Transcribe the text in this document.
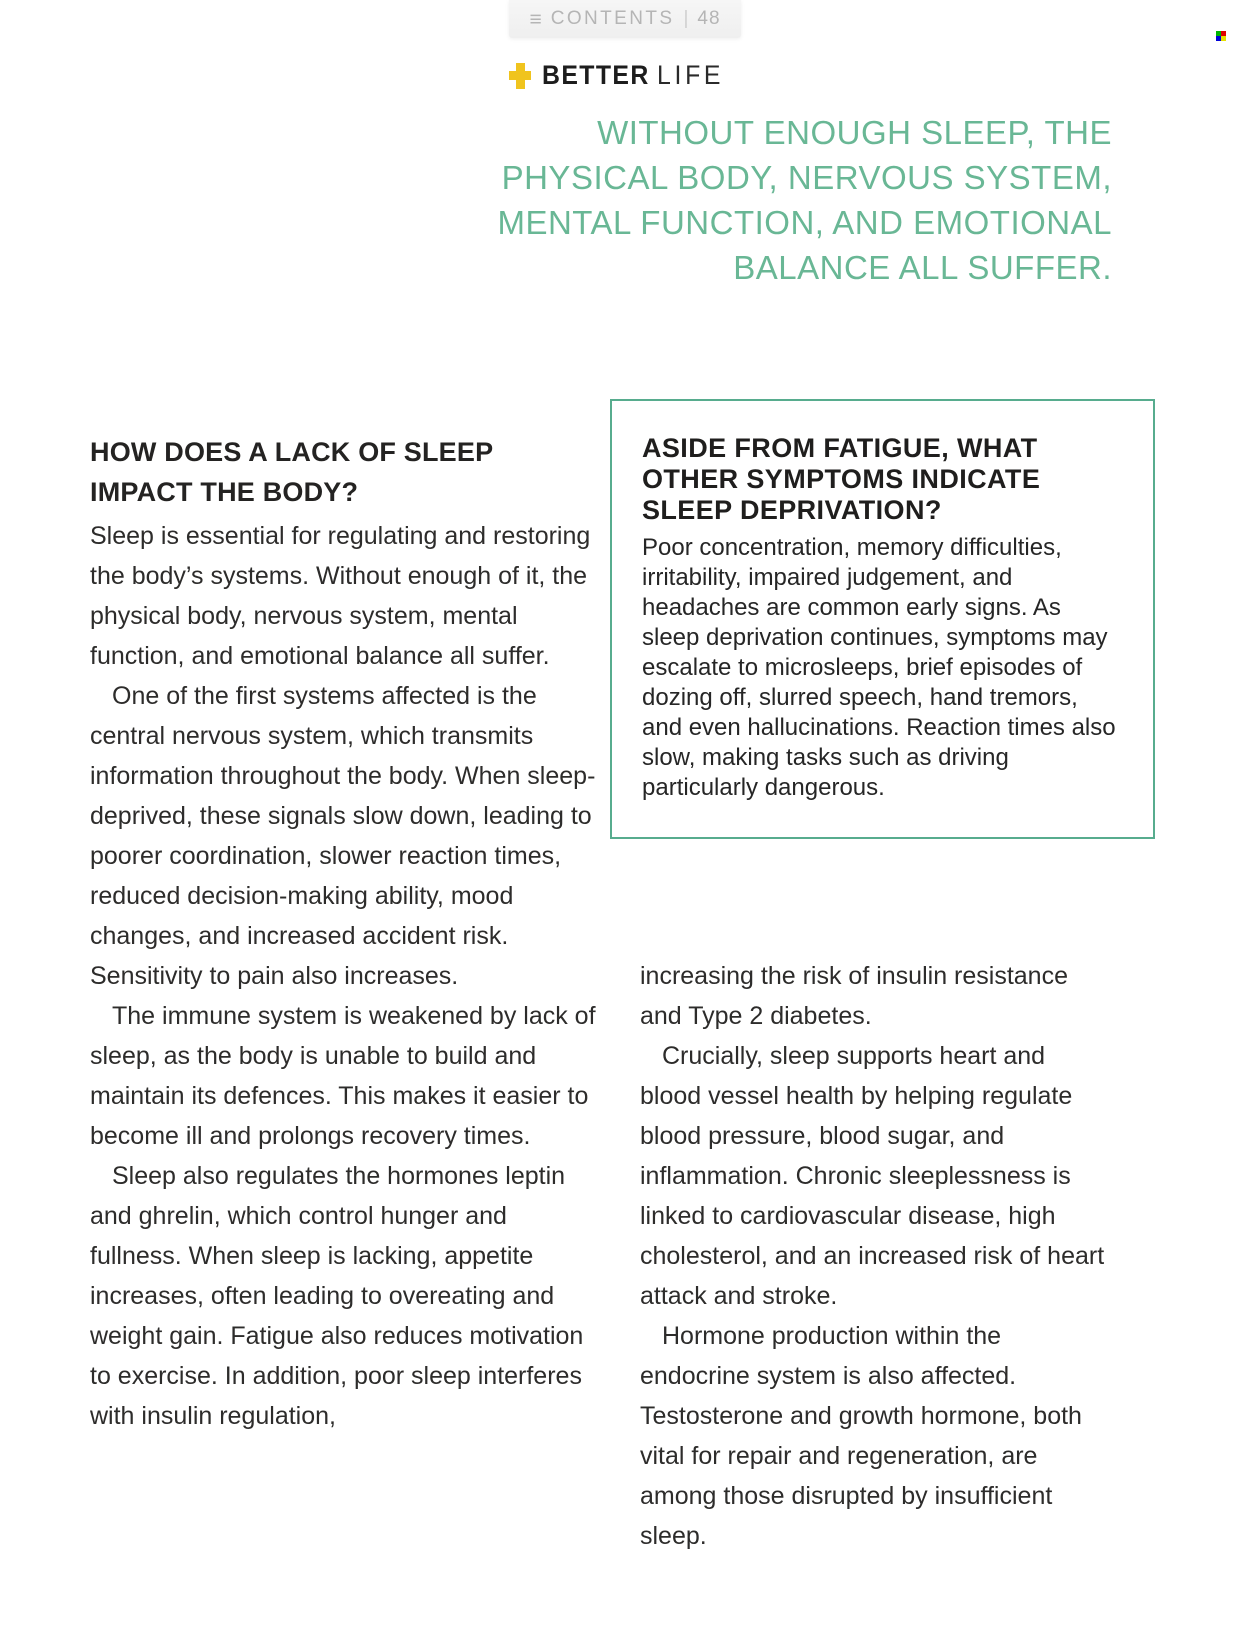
≡ CONTENTS | 48
BETTER LIFE
WITHOUT ENOUGH SLEEP, THE
PHYSICAL BODY, NERVOUS SYSTEM,
MENTAL FUNCTION, AND EMOTIONAL
BALANCE ALL SUFFER.
HOW DOES A LACK OF SLEEP IMPACT THE BODY?

Sleep is essential for regulating and restoring the body’s systems. Without enough of it, the physical body, nervous system, mental function, and emotional balance all suffer.

One of the first systems affected is the central nervous system, which transmits information throughout the body. When sleep-deprived, these signals slow down, leading to poorer coordination, slower reaction times, reduced decision-making ability, mood changes, and increased accident risk. Sensitivity to pain also increases.

The immune system is weakened by lack of sleep, as the body is unable to build and maintain its defences. This makes it easier to become ill and prolongs recovery times.

Sleep also regulates the hormones leptin and ghrelin, which control hunger and fullness. When sleep is lacking, appetite increases, often leading to overeating and weight gain. Fatigue also reduces motivation to exercise. In addition, poor sleep interferes with insulin regulation,

ASIDE FROM FATIGUE, WHAT OTHER SYMPTOMS INDICATE SLEEP DEPRIVATION?

Poor concentration, memory difficulties, irritability, impaired judgement, and headaches are common early signs. As sleep deprivation continues, symptoms may escalate to microsleeps, brief episodes of dozing off, slurred speech, hand tremors, and even hallucinations. Reaction times also slow, making tasks such as driving particularly dangerous.

increasing the risk of insulin resistance and Type 2 diabetes.

Crucially, sleep supports heart and blood vessel health by helping regulate blood pressure, blood sugar, and inflammation. Chronic sleeplessness is linked to cardiovascular disease, high cholesterol, and an increased risk of heart attack and stroke.

Hormone production within the endocrine system is also affected. Testosterone and growth hormone, both vital for repair and regeneration, are among those disrupted by insufficient sleep.
